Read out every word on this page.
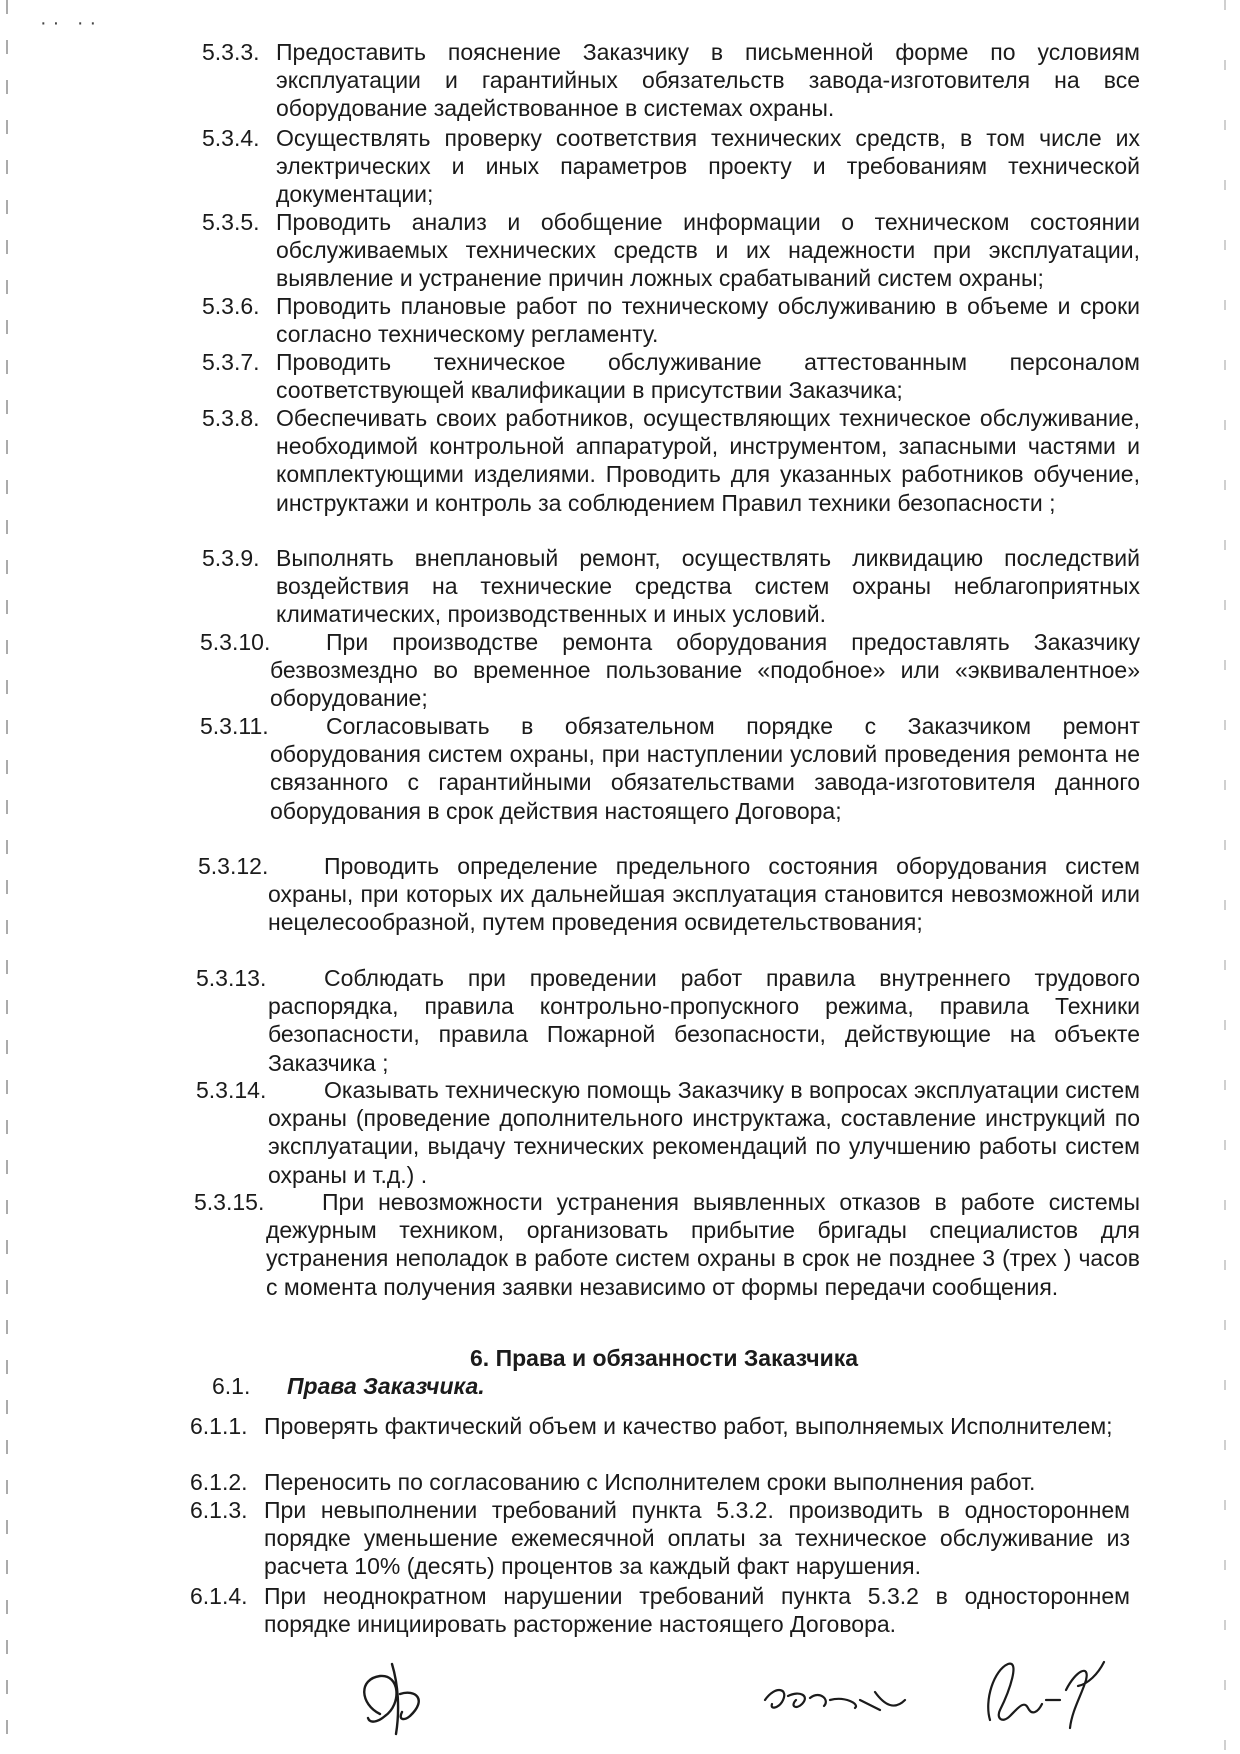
·· ··
5.3.3. Предоставить пояснение Заказчику в письменной форме по условиям эксплуатации и гарантийных обязательств завода-изготовителя на все оборудование задействованное в системах охраны.
5.3.4. Осуществлять проверку соответствия технических средств, в том числе их электрических и иных параметров проекту и требованиям технической документации;
5.3.5. Проводить анализ и обобщение информации о техническом состоянии обслуживаемых технических средств и их надежности при эксплуатации, выявление и устранение причин ложных срабатываний систем охраны;
5.3.6. Проводить плановые работ по техническому обслуживанию в объеме и сроки согласно техническому регламенту.
5.3.7. Проводить техническое обслуживание аттестованным персоналом соответствующей квалификации в присутствии Заказчика;
5.3.8. Обеспечивать своих работников, осуществляющих техническое обслуживание, необходимой контрольной аппаратурой, инструментом, запасными частями и комплектующими изделиями. Проводить для указанных работников обучение, инструктажи и контроль за соблюдением Правил техники безопасности ;
5.3.9. Выполнять внеплановый ремонт, осуществлять ликвидацию последствий воздействия на технические средства систем охраны неблагоприятных климатических, производственных и иных условий.
5.3.10.	При производстве ремонта оборудования предоставлять Заказчику безвозмездно во временное пользование «подобное» или «эквивалентное» оборудование;
5.3.11.	Согласовывать в обязательном порядке с Заказчиком ремонт оборудования систем охраны, при наступлении условий проведения ремонта не связанного с гарантийными обязательствами завода-изготовителя данного оборудования в срок действия настоящего Договора;
5.3.12.	Проводить определение предельного состояния оборудования систем охраны, при которых их дальнейшая эксплуатация становится невозможной или нецелесообразной, путем проведения освидетельствования;
5.3.13.	Соблюдать при проведении работ правила внутреннего трудового распорядка, правила контрольно-пропускного режима, правила Техники безопасности, правила Пожарной безопасности, действующие на объекте Заказчика ;
5.3.14.	Оказывать техническую помощь Заказчику в вопросах эксплуатации систем охраны (проведение дополнительного инструктажа, составление инструкций по эксплуатации, выдачу технических рекомендаций по улучшению работы систем охраны и т.д.) .
5.3.15.	При невозможности устранения выявленных отказов в работе системы дежурным техником, организовать прибытие бригады специалистов для устранения неполадок в работе систем охраны в срок не позднее 3 (трех ) часов с момента получения заявки независимо от формы передачи сообщения.
6. Права и обязанности Заказчика
6.1. Права Заказчика.
6.1.1. Проверять фактический объем и качество работ, выполняемых Исполнителем;
6.1.2. Переносить по согласованию с Исполнителем сроки выполнения работ.
6.1.3. При невыполнении требований пункта 5.3.2. производить в одностороннем порядке уменьшение ежемесячной оплаты за техническое обслуживание из расчета 10% (десять) процентов за каждый факт нарушения.
6.1.4. При неоднократном нарушении требований пункта 5.3.2 в одностороннем порядке инициировать расторжение настоящего Договора.
